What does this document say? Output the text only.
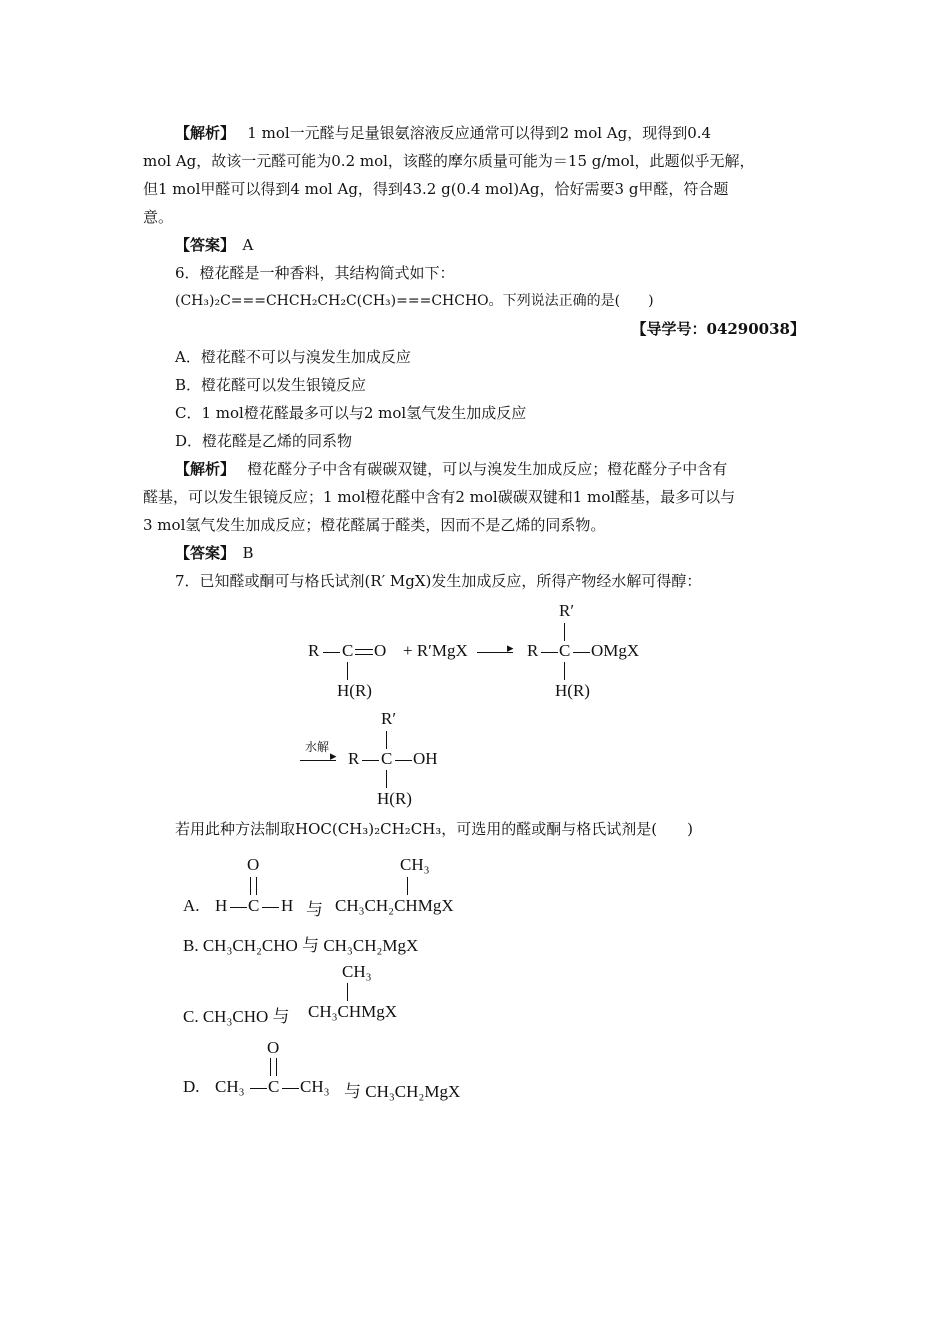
【解析】　 1 mol一元醛与足量银氨溶液反应通常可以得到2 mol Ag，现得到0.4
mol Ag，故该一元醛可能为0.2 mol，该醛的摩尔质量可能为＝15 g/mol，此题似乎无解，
但1 mol甲醛可以得到4 mol Ag，得到43.2 g(0.4 mol)Ag，恰好需要3 g甲醛，符合题
意。
【答案】　 A
6．橙花醛是一种香料，其结构简式如下：
(CH₃)₂C===CHCH₂CH₂C(CH₃)===CHCHO。下列说法正确的是(　　)
【导学号：04290038】
A．橙花醛不可以与溴发生加成反应
B．橙花醛可以发生银镜反应
C．1 mol橙花醛最多可以与2 mol氢气发生加成反应
D．橙花醛是乙烯的同系物
【解析】　 橙花醛分子中含有碳碳双键，可以与溴发生加成反应；橙花醛分子中含有
醛基，可以发生银镜反应；1 mol橙花醛中含有2 mol碳碳双键和1 mol醛基，最多可以与
3 mol氢气发生加成反应；橙花醛属于醛类，因而不是乙烯的同系物。
【答案】　 B
7．已知醛或酮可与格氏试剂(R′ MgX)发生加成反应，所得产物经水解可得醇：
R C O
H(R)
+ R′MgX	▸
R′
R C OMgX
H(R)
水解
▸
R′
R C OH
H(R)
若用此种方法制取HOC(CH₃)₂CH₂CH₃，可选用的醛或酮与格氏试剂是(　　)
O
A. H C H 与
CH₃
CH₃CH₂CHMgX
B. CH₃CH₂CHO 与 CH₃CH₂MgX
CH₃
C. CH₃CHO 与 CH₃CHMgX
O
D. CH₃ C CH₃ 与 CH₃CH₂MgX
